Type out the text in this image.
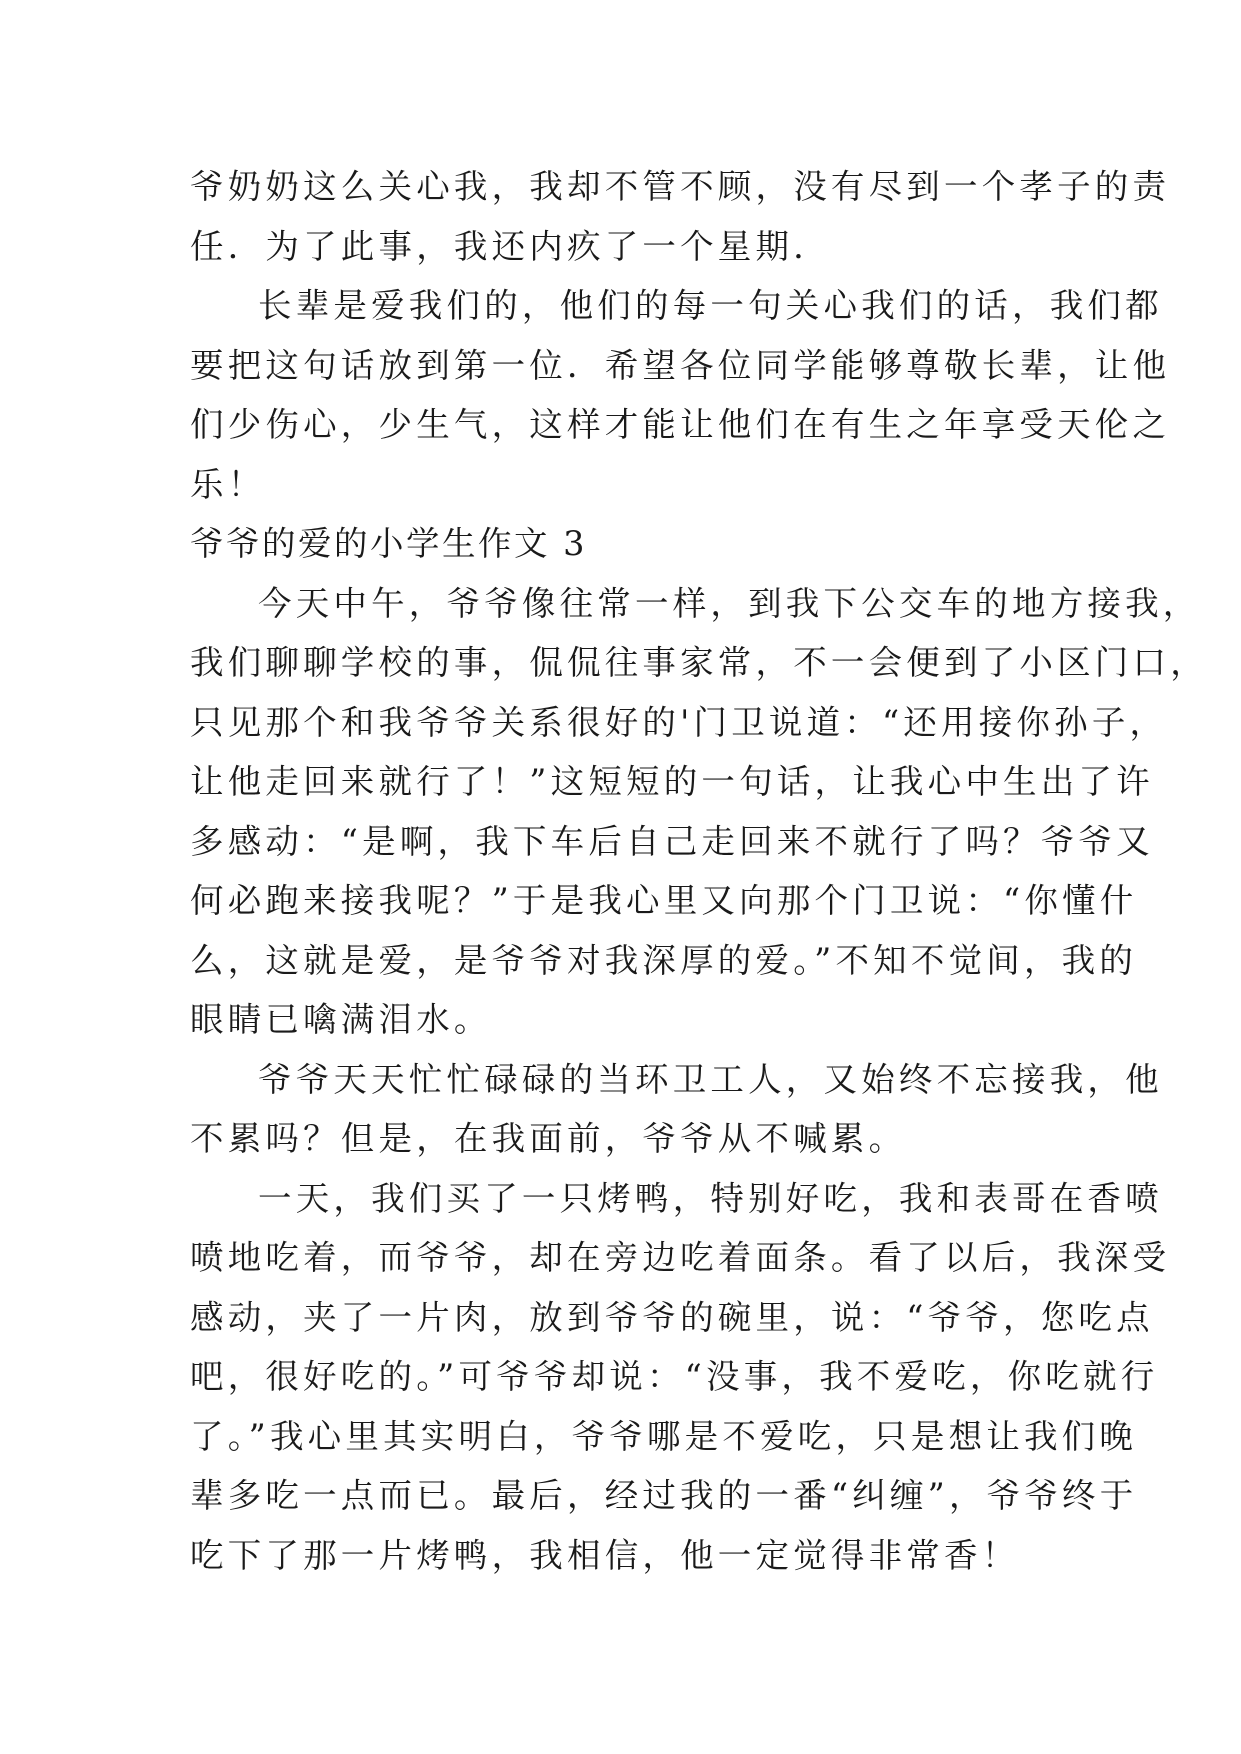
爷奶奶这么关心我，我却不管不顾，没有尽到一个孝子的责
任．为了此事，我还内疚了一个星期．
长辈是爱我们的，他们的每一句关心我们的话，我们都
要把这句话放到第一位．希望各位同学能够尊敬长辈，让他
们少伤心，少生气，这样才能让他们在有生之年享受天伦之
乐！
爷爷的爱的小学生作文 3
今天中午，爷爷像往常一样，到我下公交车的地方接我，
我们聊聊学校的事，侃侃往事家常，不一会便到了小区门口，
只见那个和我爷爷关系很好的'门卫说道：“还用接你孙子，
让他走回来就行了！”这短短的一句话，让我心中生出了许
多感动：“是啊，我下车后自己走回来不就行了吗？爷爷又
何必跑来接我呢？”于是我心里又向那个门卫说：“你懂什
么，这就是爱，是爷爷对我深厚的爱。”不知不觉间，我的
眼睛已噙满泪水。
爷爷天天忙忙碌碌的当环卫工人，又始终不忘接我，他
不累吗？但是，在我面前，爷爷从不喊累。
一天，我们买了一只烤鸭，特别好吃，我和表哥在香喷
喷地吃着，而爷爷，却在旁边吃着面条。看了以后，我深受
感动，夹了一片肉，放到爷爷的碗里，说：“爷爷，您吃点
吧，很好吃的。”可爷爷却说：“没事，我不爱吃，你吃就行
了。”我心里其实明白，爷爷哪是不爱吃，只是想让我们晚
辈多吃一点而已。最后，经过我的一番“纠缠”，爷爷终于
吃下了那一片烤鸭，我相信，他一定觉得非常香！
